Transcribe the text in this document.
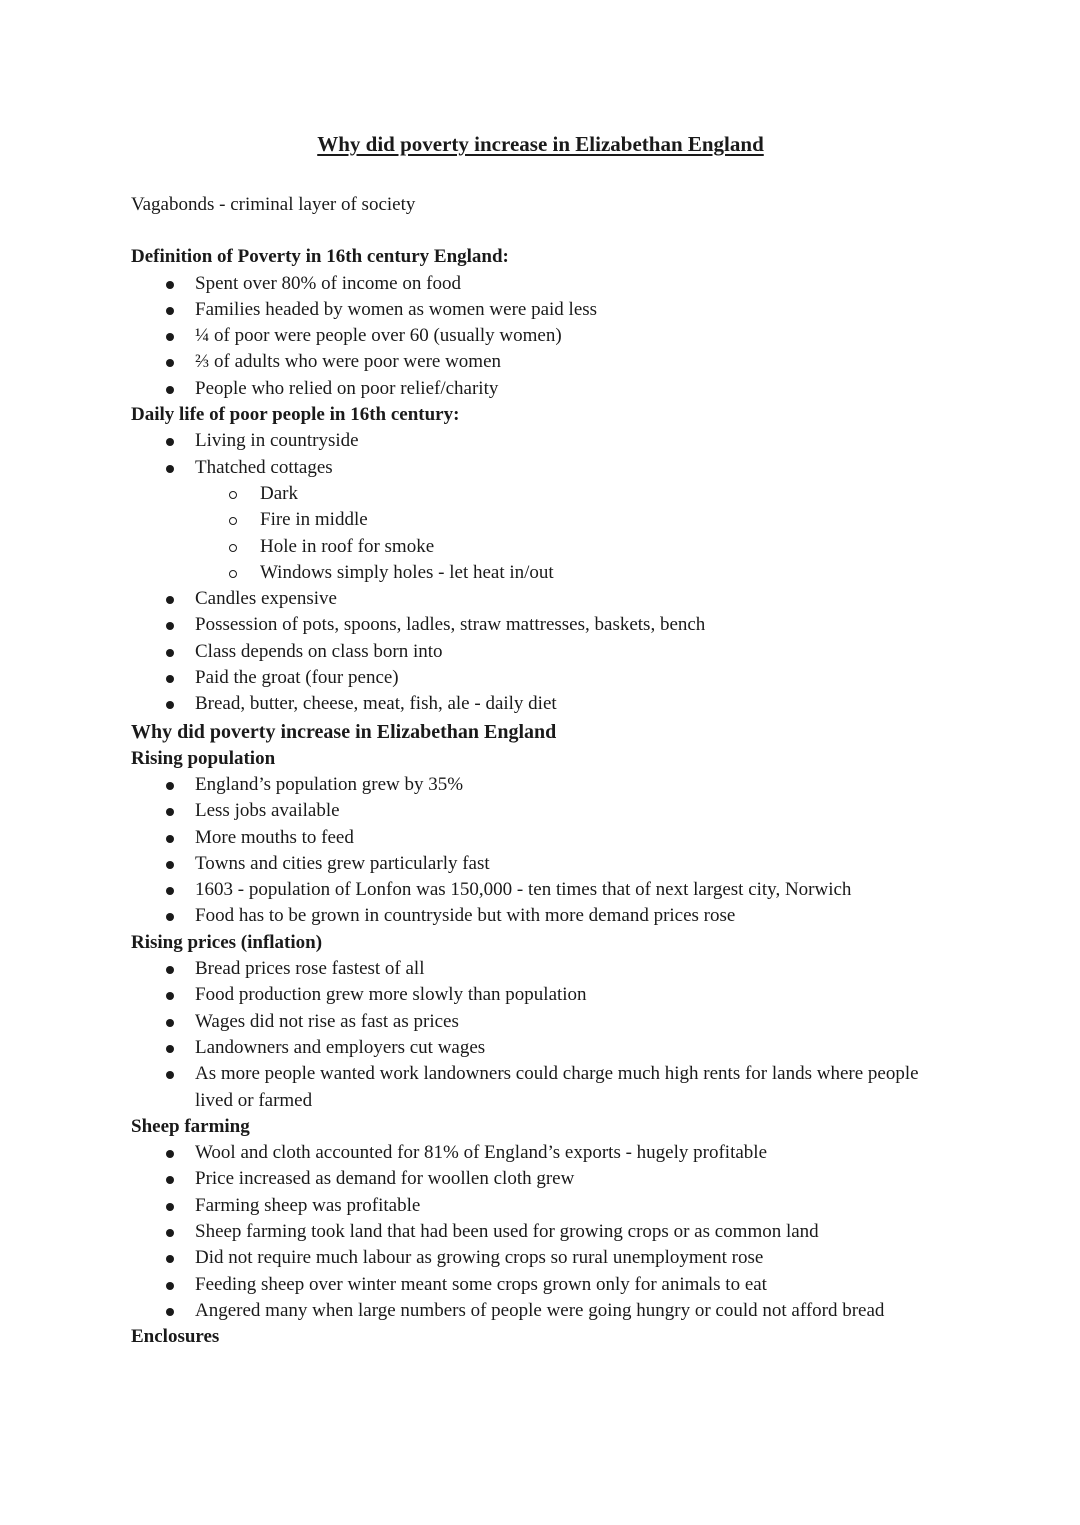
Why did poverty increase in Elizabethan England

Vagabonds - criminal layer of society

Definition of Poverty in 16th century England:

Spent over 80% of income on food
Families headed by women as women were paid less
¼ of poor were people over 60 (usually women)
⅔ of adults who were poor were women
People who relied on poor relief/charity

Daily life of poor people in 16th century:

Living in countryside
Thatched cottages
Dark
Fire in middle
Hole in roof for smoke
Windows simply holes - let heat in/out
Candles expensive
Possession of pots, spoons, ladles, straw mattresses, baskets, bench
Class depends on class born into
Paid the groat (four pence)
Bread, butter, cheese, meat, fish, ale - daily diet

Why did poverty increase in Elizabethan England

Rising population

England’s population grew by 35%
Less jobs available
More mouths to feed
Towns and cities grew particularly fast
1603 - population of Lonfon was 150,000 - ten times that of next largest city, Norwich
Food has to be grown in countryside but with more demand prices rose

Rising prices (inflation)

Bread prices rose fastest of all
Food production grew more slowly than population
Wages did not rise as fast as prices
Landowners and employers cut wages
As more people wanted work landowners could charge much high rents for lands where people lived or farmed

Sheep farming

Wool and cloth accounted for 81% of England’s exports - hugely profitable
Price increased as demand for woollen cloth grew
Farming sheep was profitable
Sheep farming took land that had been used for growing crops or as common land
Did not require much labour as growing crops so rural unemployment rose
Feeding sheep over winter meant some crops grown only for animals to eat
Angered many when large numbers of people were going hungry or could not afford bread

Enclosures
